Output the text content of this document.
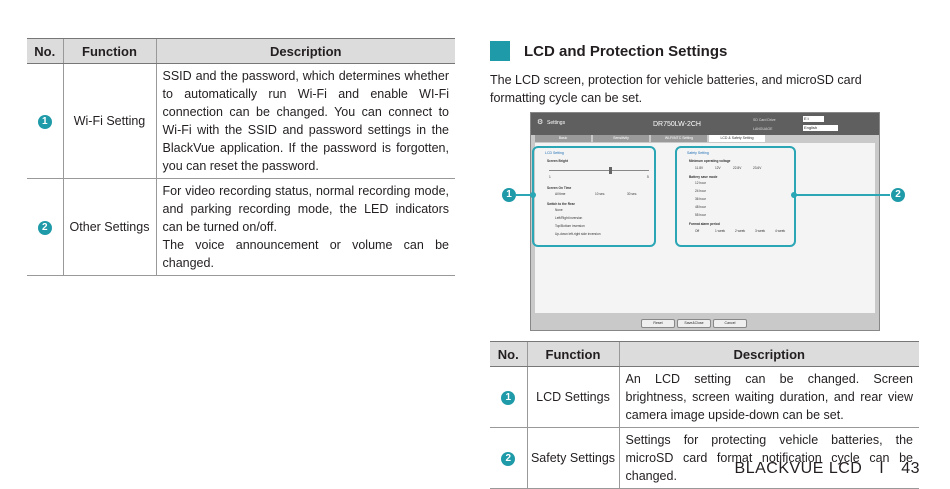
No.	Function	Description
1	Wi-Fi Setting	SSID and the password, which determines whether to automatically run Wi-Fi and enable WI-Fi connection can be changed. You can connect to Wi-Fi with the SSID and password settings in the BlackVue application. If the password is forgotten, you can reset the password.
2	Other Settings	For video recording status, normal recording mode, and parking recording mode, the LED indicators can be turned on/off.
The voice announcement or volume can be changed.
LCD and Protection Settings
The LCD screen, protection for vehicle batteries, and microSD card formatting cycle can be set.
⚙ Settings	DR750LW-2CH
SD Card Drive
LANGUAGE
E:\
English
Basic	Sensitivity	Wi-Fi/NTC Setting	LCD & Safety Setting
LCD Setting
Screen Bright
1	5
Screen On Time
All time	10 sec.	30 sec.
Switch to the Rear
None
Left/Right inversion
Top/Bottom inversion
Up-down left-right side inversion
Safety Setting
Minimum operating voltage
11.8V	12V	22.8V	23.6V
Battery save mode
12 hour
24 hour
36 hour
48 hour
55 hour
Format alarm period
Off	1 week	2 week	3 week	4 week
Reset	Save&Close	Cancel
1	2
No.	Function	Description
1	LCD Settings	An LCD setting can be changed. Screen brightness, screen waiting duration, and rear view camera image upside-down can be set.
2	Safety Settings	Settings for protecting vehicle batteries, the microSD card format notification cycle can be changed.	BLACKVUE LCD I 43
